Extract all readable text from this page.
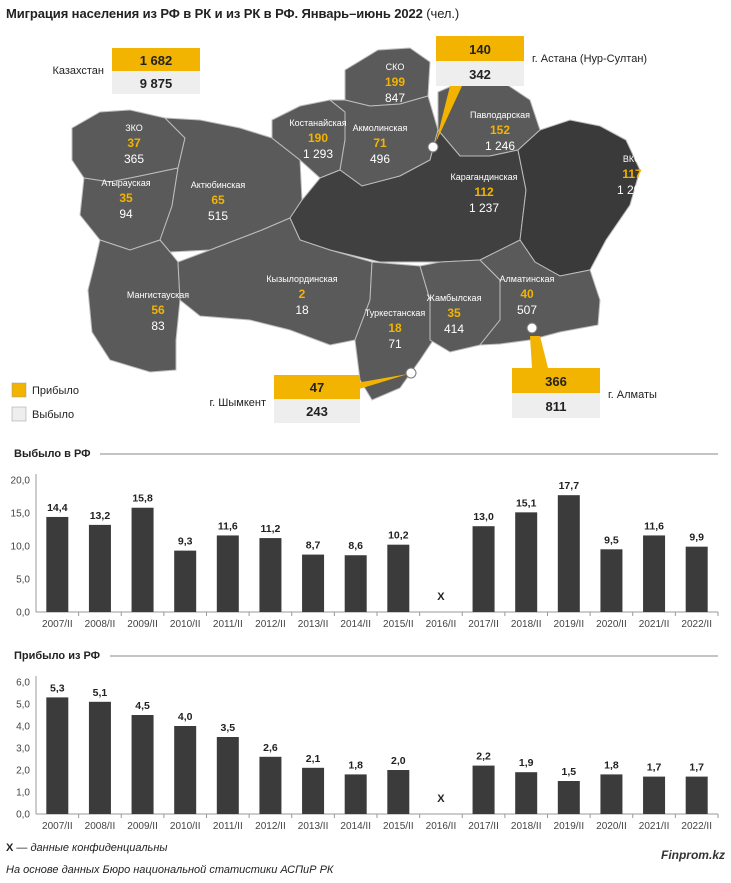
Миграция населения из РФ в РК и из РК в РФ. Январь–июнь 2022 (чел.)
Казахстан
1 682
9 875
140
342
г. Астана (Нур-Султан)
366
811
г. Алматы
47
243
г. Шымкент
Прибыло
Выбыло
ЗКО
37
365
Атырауская
35
94
Актюбинская
65
515
Мангистауская
56
83
Костанайская
190
1 293
СКО
199
847
Акмолинская
71
496
Павлодарская
152
1 246
Карагандинская
112
1 237
ВКО
117
1 293
Кызылординская
2
18	Туркестанская
18
71
Жамбылская
35
414
Алматинская
40
507
Выбыло в РФ
0,0
5,0
10,0
15,0
20,0
2007/II
14,4
2008/II
13,2
2009/II
15,8
2010/II
9,3
2011/II
11,6
2012/II
11,2
2013/II
8,7
2014/II
8,6
2015/II
10,2
2016/II
X
2017/II
13,0
2018/II
15,1
2019/II
17,7
2020/II
9,5
2021/II
11,6
2022/II
9,9
Прибыло из РФ
0,0
1,0
2,0
3,0
4,0
5,0
6,0
2007/II
5,3
2008/II
5,1
2009/II
4,5
2010/II
4,0
2011/II
3,5
2012/II
2,6
2013/II
2,1
2014/II
1,8
2015/II
2,0
2016/II
X
2017/II
2,2
2018/II
1,9
2019/II
1,5
2020/II
1,8
2021/II
1,7
2022/II
1,7
X — данные конфиденциальны
На основе данных Бюро национальной статистики АСПиР РК
Finprom.kz
